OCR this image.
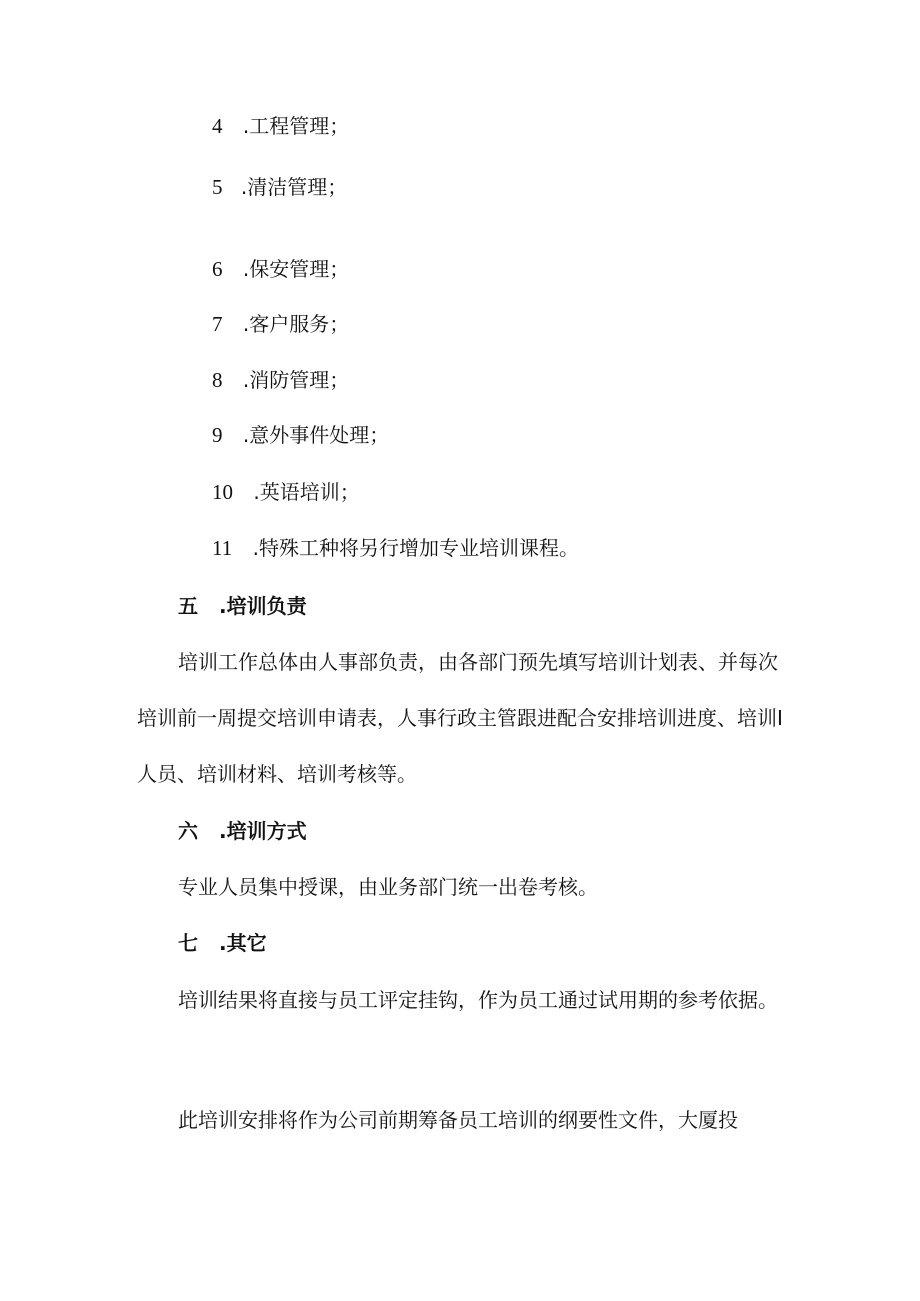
4 .工程管理；
5 .清洁管理；
6 .保安管理；
7 .客户服务；
8 .消防管理；
9 .意外事件处理；
10 .英语培训；
11 .特殊工种将另行增加专业培训课程。
五 .培训负责
培训工作总体由人事部负责，由各部门预先填写培训计划表、并每次
培训前一周提交培训申请表，人事行政主管跟进配合安排培训进度、培训I
人员、培训材料、培训考核等。
六 .培训方式
专业人员集中授课，由业务部门统一出卷考核。
七 .其它
培训结果将直接与员工评定挂钩，作为员工通过试用期的参考依据。
此培训安排将作为公司前期筹备员工培训的纲要性文件，大厦投
